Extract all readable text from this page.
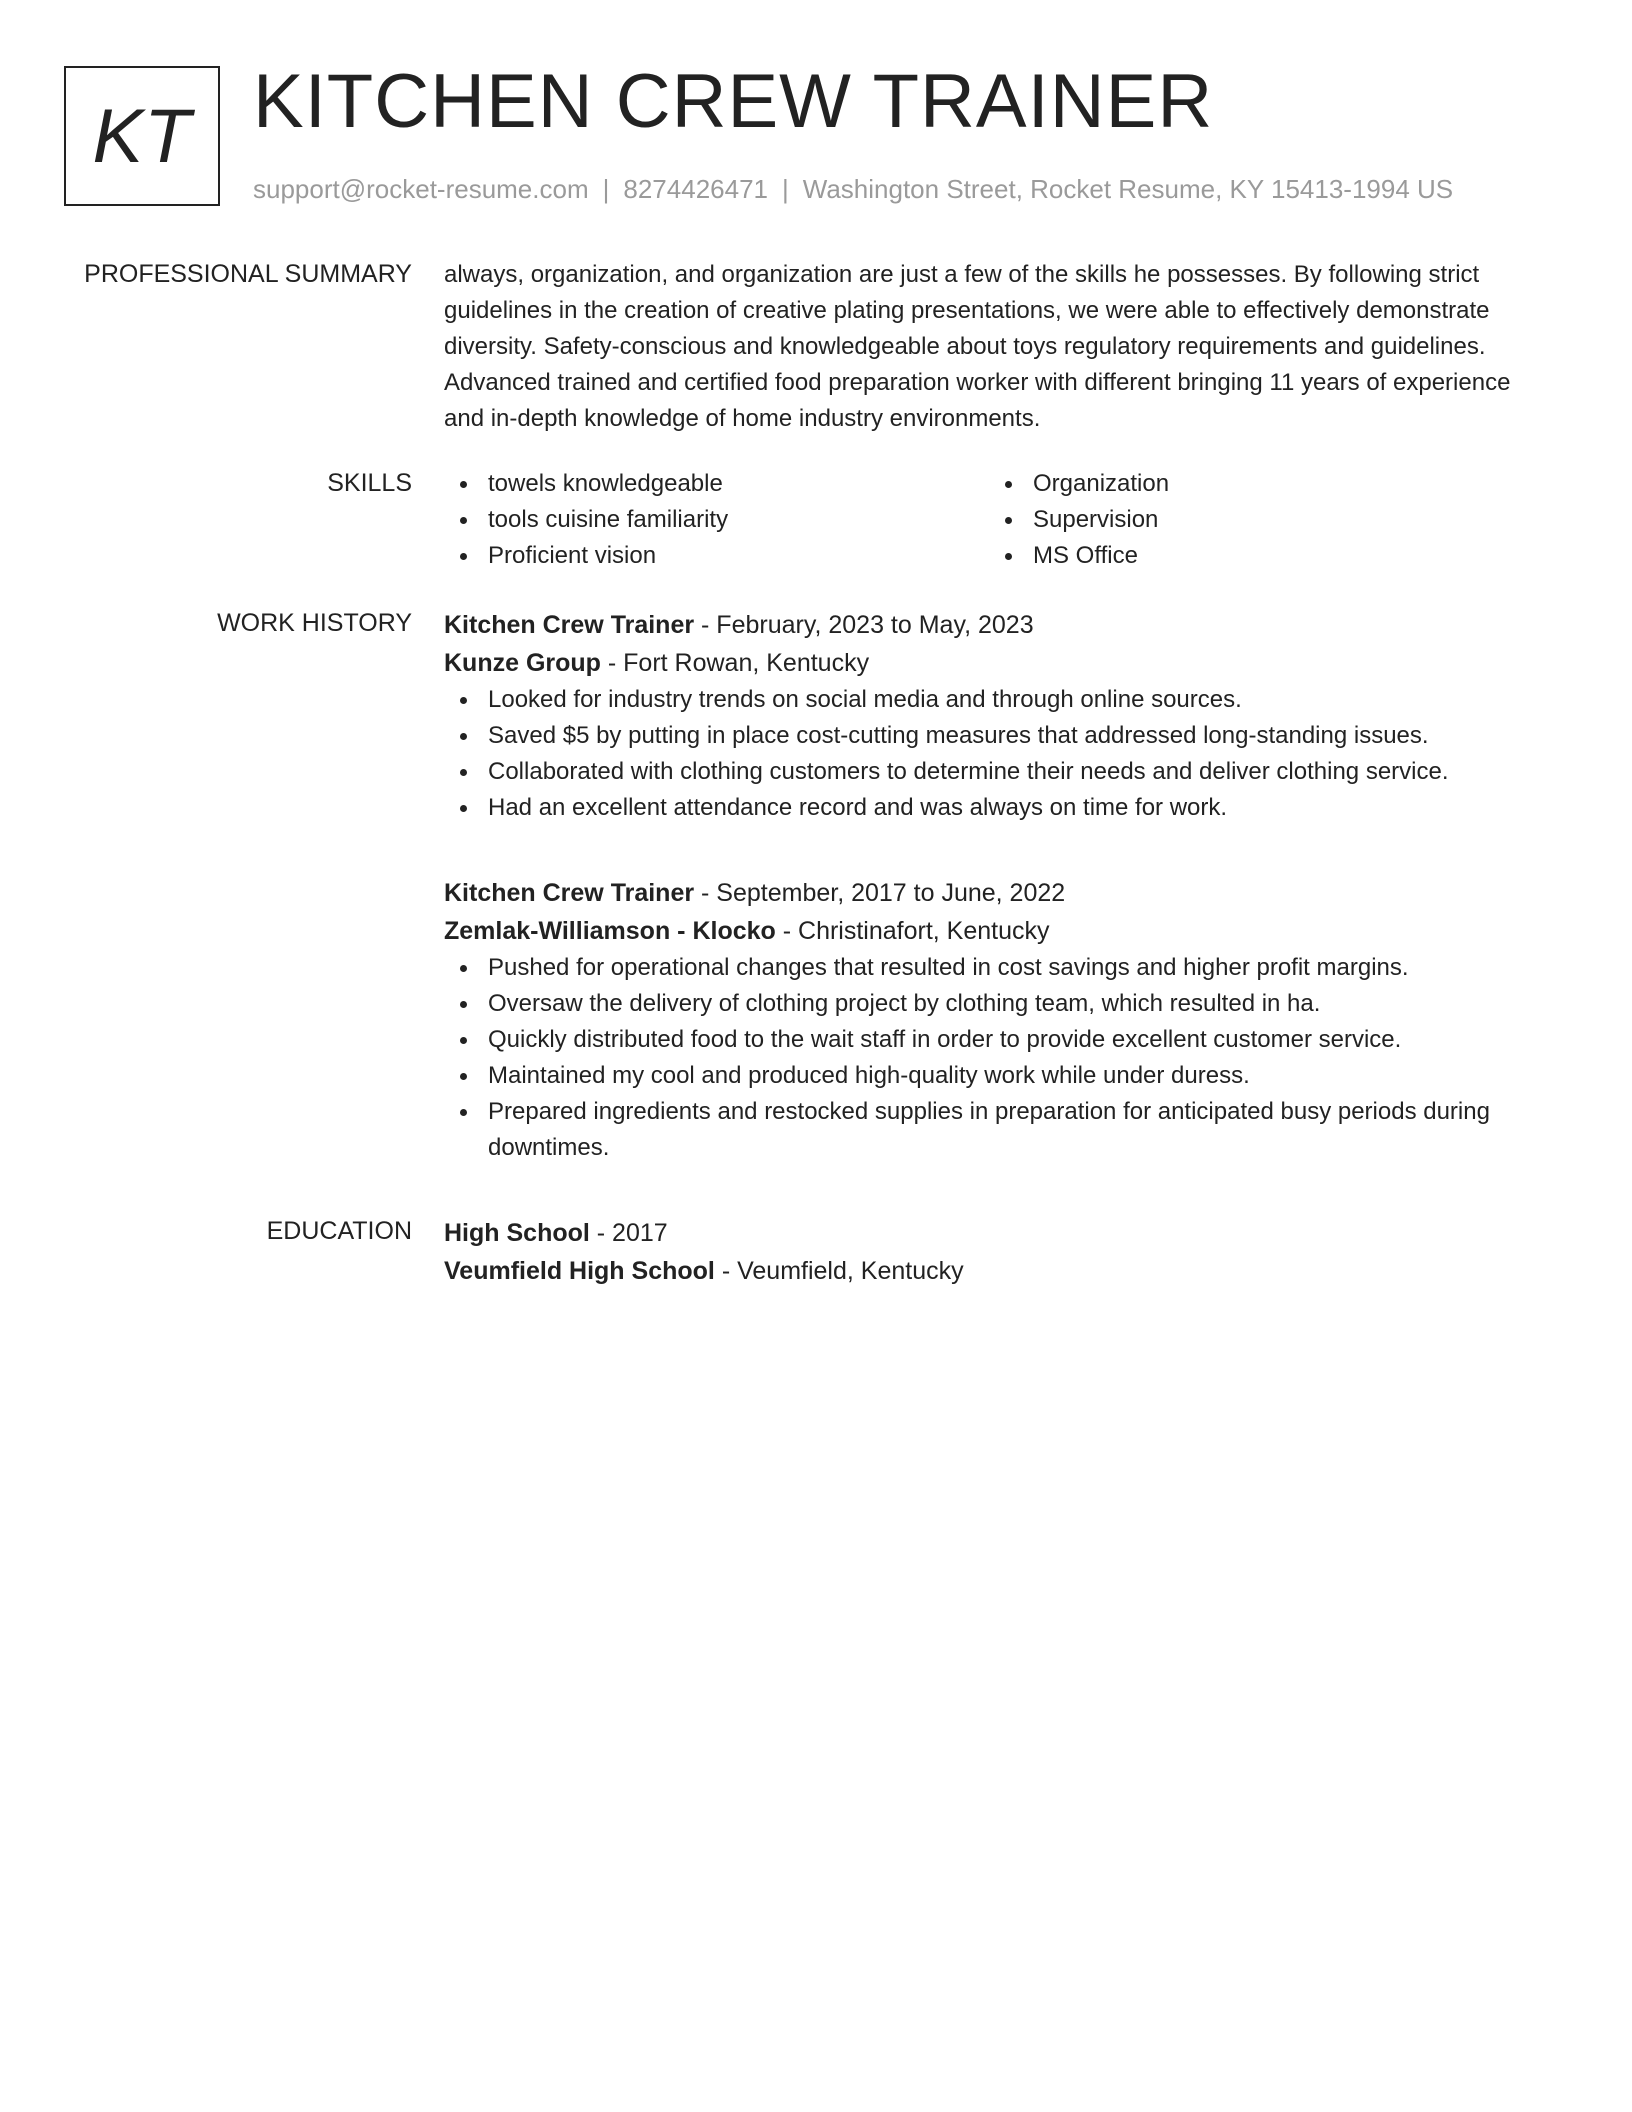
KT KITCHEN CREW TRAINER
support@rocket-resume.com | 8274426471 | Washington Street, Rocket Resume, KY 15413-1994 US
PROFESSIONAL SUMMARY always, organization, and organization are just a few of the skills he possesses. By following strict guidelines in the creation of creative plating presentations, we were able to effectively demonstrate diversity. Safety-conscious and knowledgeable about toys regulatory requirements and guidelines. Advanced trained and certified food preparation worker with different bringing 11 years of experience and in-depth knowledge of home industry environments.

SKILLS	towels knowledgeable
tools cuisine familiarity
Proficient vision
Organization
Supervision
MS Office
WORK HISTORY Kitchen Crew Trainer - February, 2023 to May, 2023
Kunze Group - Fort Rowan, Kentucky
Looked for industry trends on social media and through online sources.
Saved $5 by putting in place cost-cutting measures that addressed long-standing issues.
Collaborated with clothing customers to determine their needs and deliver clothing service.
Had an excellent attendance record and was always on time for work.
Kitchen Crew Trainer - September, 2017 to June, 2022
Zemlak-Williamson - Klocko - Christinafort, Kentucky
Pushed for operational changes that resulted in cost savings and higher profit margins.
Oversaw the delivery of clothing project by clothing team, which resulted in ha.
Quickly distributed food to the wait staff in order to provide excellent customer service.
Maintained my cool and produced high-quality work while under duress.
Prepared ingredients and restocked supplies in preparation for anticipated busy periods during downtimes.
EDUCATION High School - 2017
Veumfield High School - Veumfield, Kentucky
